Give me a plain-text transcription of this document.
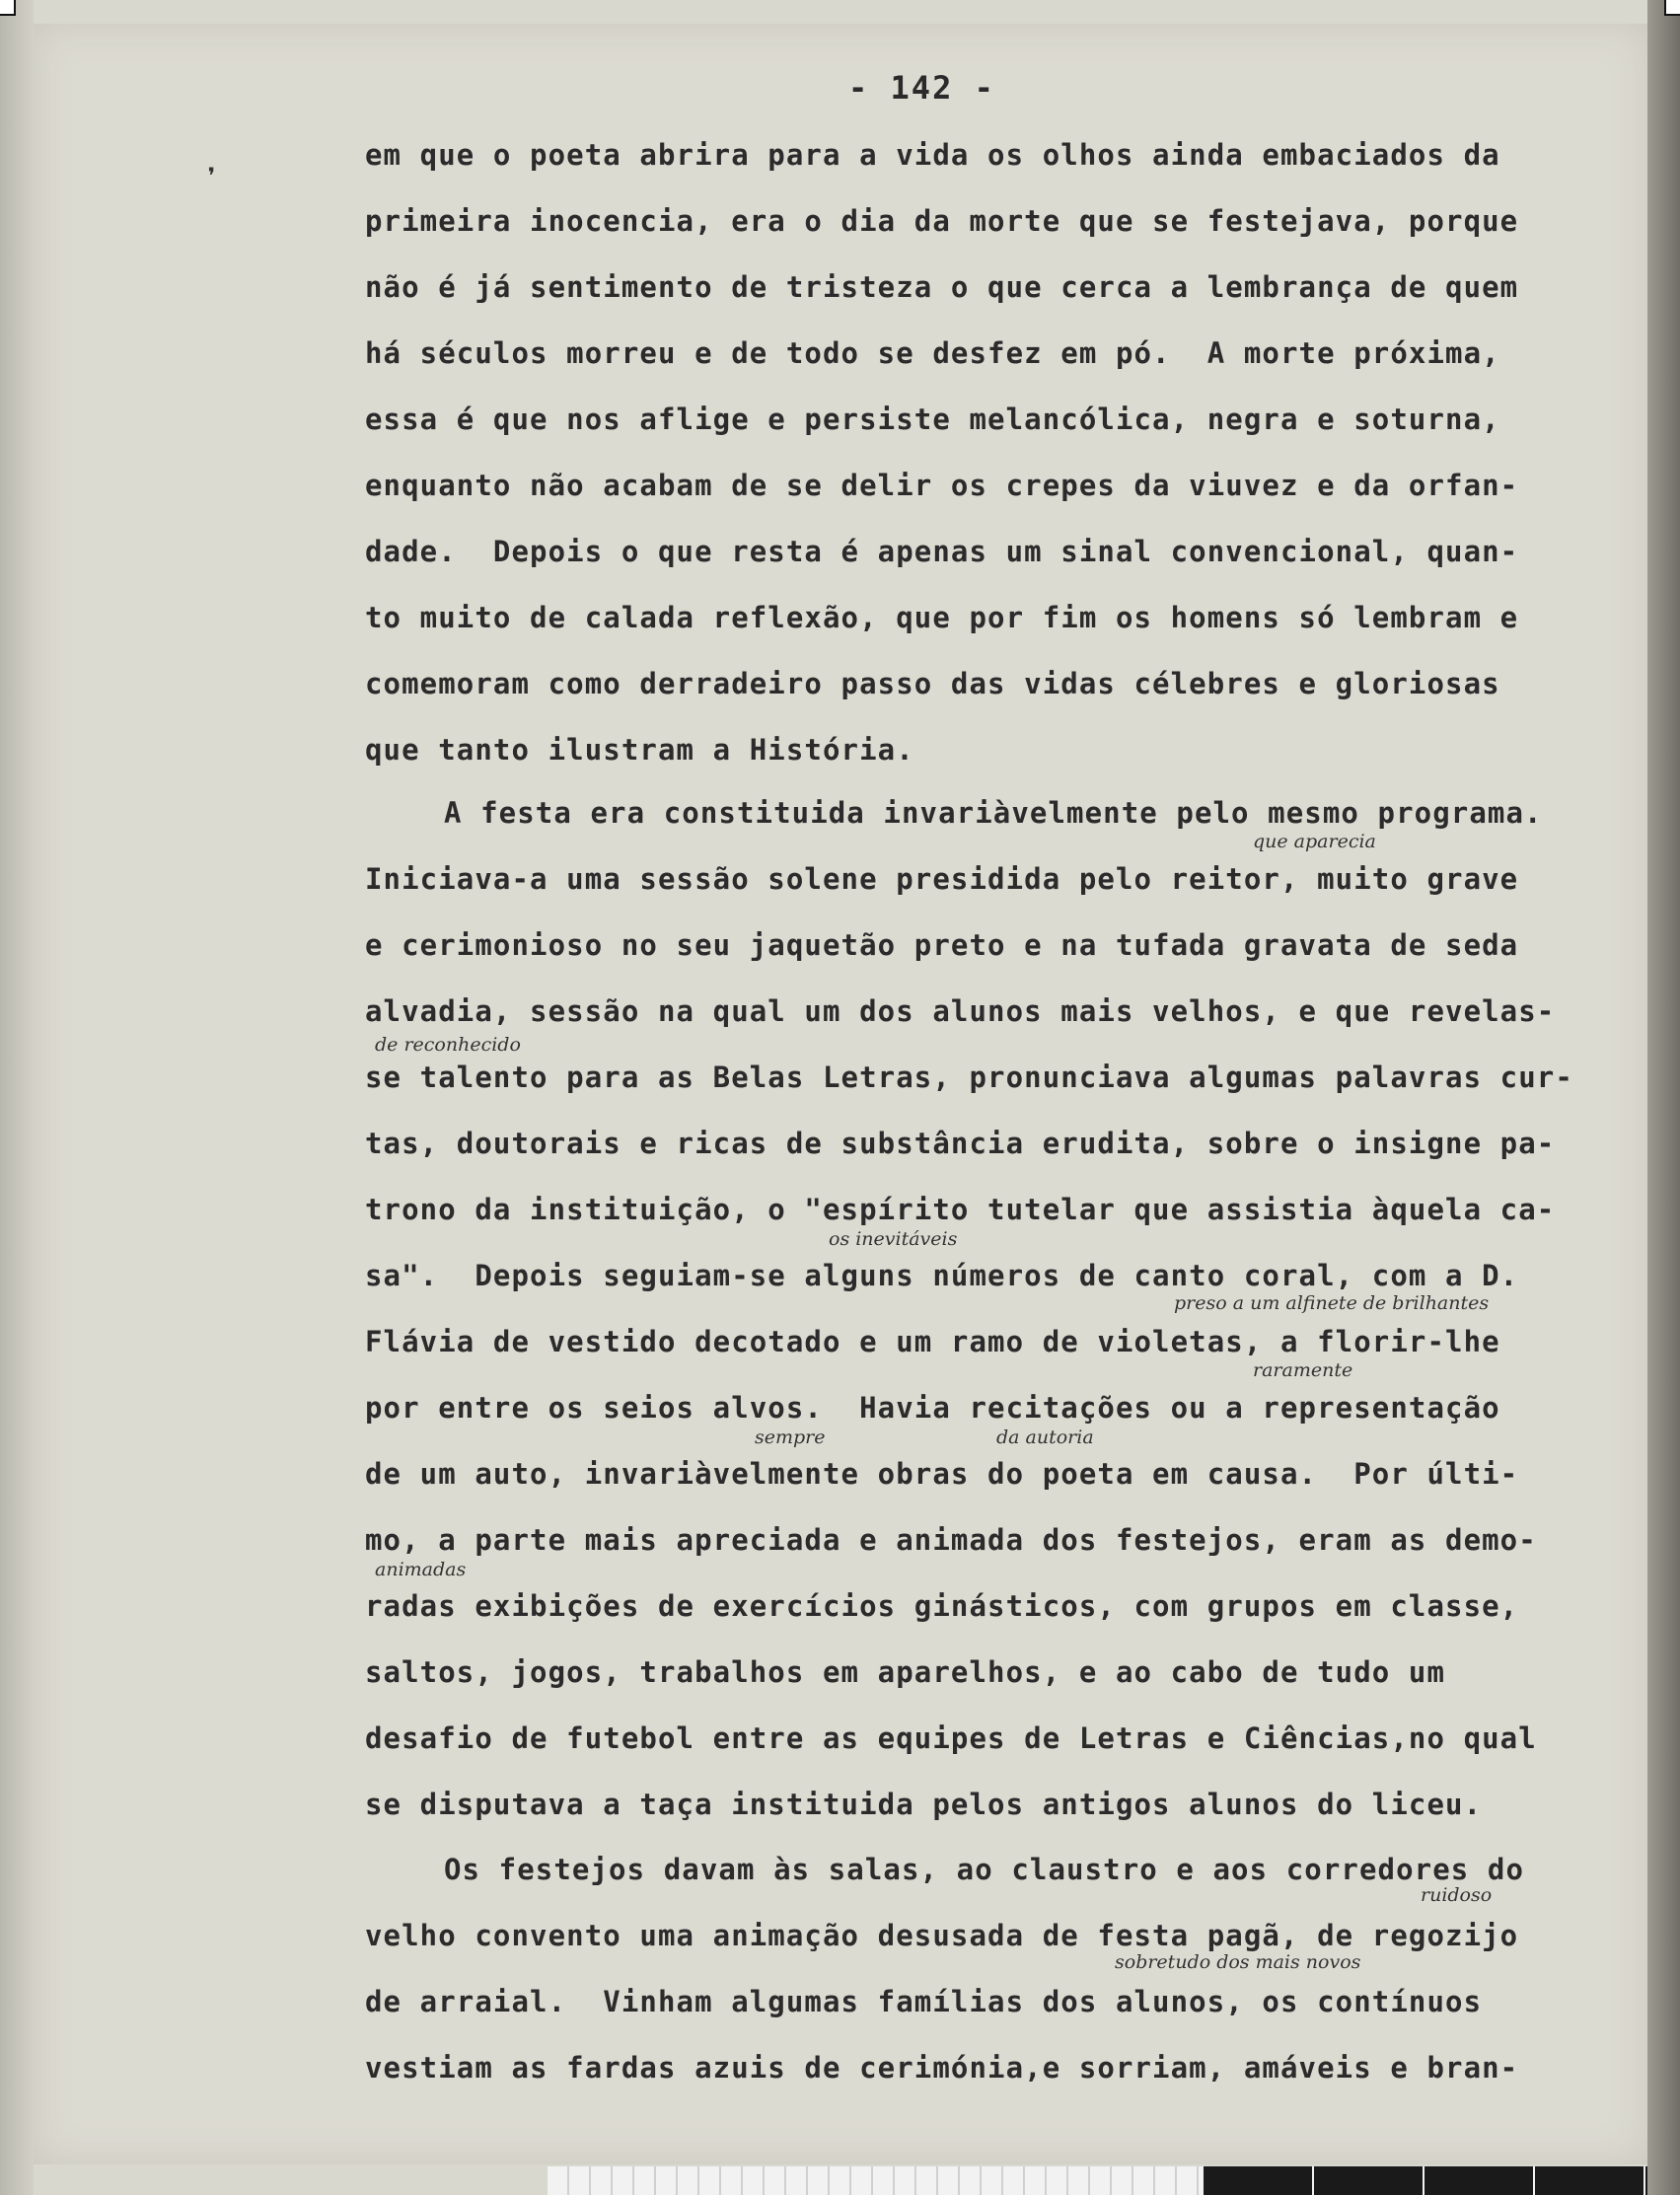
- 142 -
❜
em que o poeta abrira para a vida os olhos ainda embaciados da
primeira inocencia, era o dia da morte que se festejava, porque
não é já sentimento de tristeza o que cerca a lembrança de quem
há séculos morreu e de todo se desfez em pó.  A morte próxima,
essa é que nos aflige e persiste melancólica, negra e soturna,
enquanto não acabam de se delir os crepes da viuvez e da orfan-
dade.  Depois o que resta é apenas um sinal convencional, quan-
to muito de calada reflexão, que por fim os homens só lembram e
comemoram como derradeiro passo das vidas célebres e gloriosas
que tanto ilustram a História.
A festa era constituida invariàvelmente pelo mesmo programa.
Iniciava-a uma sessão solene presidida pelo reitor, muito grave
e cerimonioso no seu jaquetão preto e na tufada gravata de seda
alvadia, sessão na qual um dos alunos mais velhos, e que revelas-
se talento para as Belas Letras, pronunciava algumas palavras cur-
tas, doutorais e ricas de substância erudita, sobre o insigne pa-
trono da instituição, o "espírito tutelar que assistia àquela ca-
sa".  Depois seguiam-se alguns números de canto coral, com a D.
Flávia de vestido decotado e um ramo de violetas, a florir-lhe
por entre os seios alvos.  Havia recitações ou a representação
de um auto, invariàvelmente obras do poeta em causa.  Por últi-
mo, a parte mais apreciada e animada dos festejos, eram as demo-
radas exibições de exercícios ginásticos, com grupos em classe,
saltos, jogos, trabalhos em aparelhos, e ao cabo de tudo um
desafio de futebol entre as equipes de Letras e Ciências,no qual
se disputava a taça instituida pelos antigos alunos do liceu.
Os festejos davam às salas, ao claustro e aos corredores do
velho convento uma animação desusada de festa pagã, de regozijo
de arraial.  Vinham algumas famílias dos alunos, os contínuos
vestiam as fardas azuis de cerimónia,e sorriam, amáveis e bran-
que aparecia
de reconhecido
os inevitáveis
preso a um alfinete de brilhantes
raramente
sempre	da autoria
animadas
ruidoso
sobretudo dos mais novos
